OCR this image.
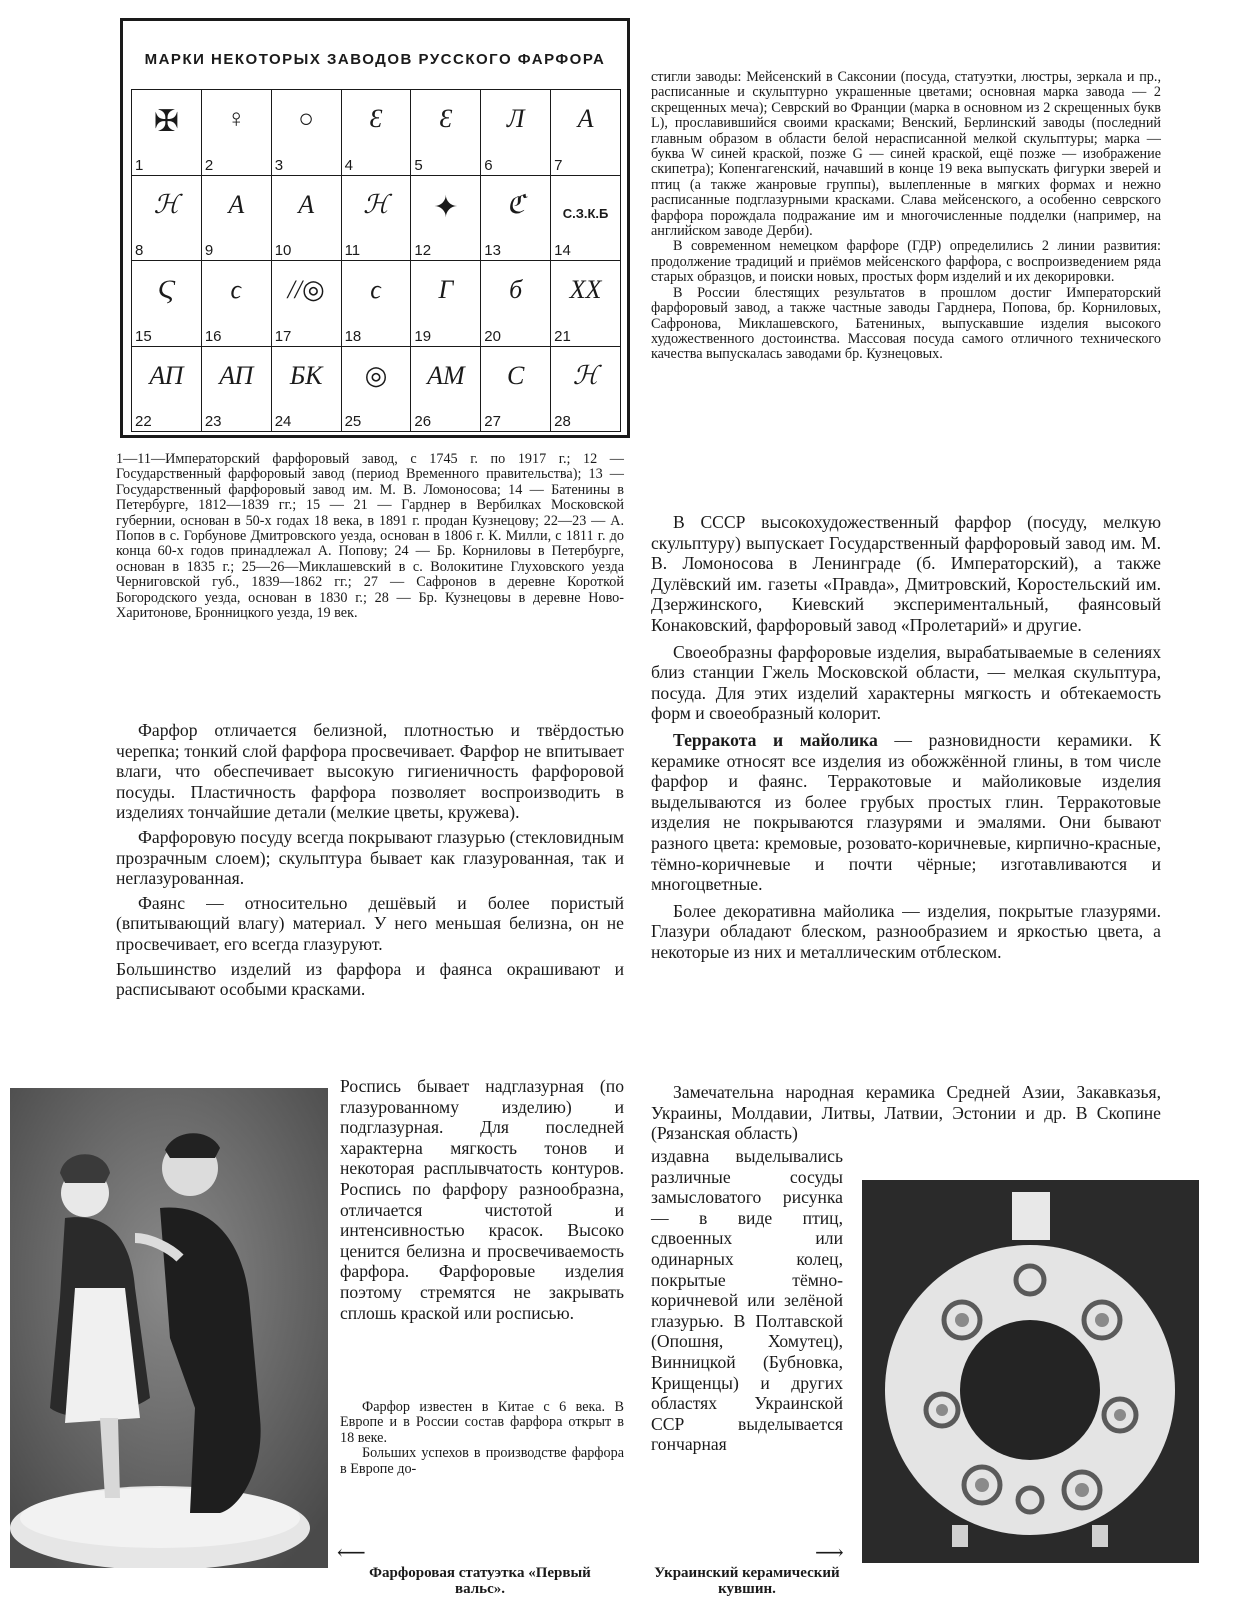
МАРКИ НЕКОТОРЫХ ЗАВОДОВ РУССКОГО ФАРФОРА
✠
1
♀
2
○
3
Ɛ
4
Ɛ
5
Л
6
A
7
ℋ
8
A
9
A
10
ℋ
11
✦
12
ℭ
13
С.З.К.Б
14
Ϛ
15
ϲ
16
//◎
17
ϲ
18
Г
19
б
20
XX
21
АП
22
АП
23
БК
24
◎
25
АМ
26
С
27
ℋ
28
1—11—Императорский фарфоровый завод, с 1745 г. по 1917 г.; 12 — Государственный фарфоровый завод (период Временного правительства); 13 — Государственный фарфоровый завод им. М. В. Ломоносова; 14 — Батенины в Петербурге, 1812—1839 гг.; 15 — 21 — Гарднер в Вербилках Московской губернии, основан в 50-х годах 18 века, в 1891 г. продан Кузнецову; 22—23 — А. Попов в с. Горбунове Дмитровского уезда, основан в 1806 г. К. Милли, с 1811 г. до конца 60-х годов принадлежал А. Попову; 24 — Бр. Корниловы в Петербурге, основан в 1835 г.; 25—26—Миклашевский в с. Волокитине Глуховского уезда Черниговской губ., 1839—1862 гг.; 27 — Сафронов в деревне Короткой Богородского уезда, основан в 1830 г.; 28 — Бр. Кузнецовы в деревне Ново-Харитонове, Бронницкого уезда, 19 век.

стигли заводы: Мейсенский в Саксонии (посуда, статуэтки, люстры, зеркала и пр., расписанные и скульптурно украшенные цветами; основная марка завода — 2 скрещенных меча); Севрский во Франции (марка в основном из 2 скрещенных букв L), прославившийся своими красками; Венский, Берлинский заводы (последний главным образом в области белой нерасписанной мелкой скульптуры; марка — буква W синей краской, позже G — синей краской, ещё позже — изображение скипетра); Копенгагенский, начавший в конце 19 века выпускать фигурки зверей и птиц (а также жанровые группы), вылепленные в мягких формах и нежно расписанные подглазурными красками. Слава мейсенского, а особенно севрского фарфора порождала подражание им и многочисленные подделки (например, на английском заводе Дерби).

В современном немецком фарфоре (ГДР) определились 2 линии развития: продолжение традиций и приёмов мейсенского фарфора, с воспроизведением ряда старых образцов, и поиски новых, простых форм изделий и их декорировки.

В России блестящих результатов в прошлом достиг Императорский фарфоровый завод, а также частные заводы Гарднера, Попова, бр. Корниловых, Сафронова, Миклашевского, Батениных, выпускавшие изделия высокого художественного достоинства. Массовая посуда самого отличного технического качества выпускалась заводами бр. Кузнецовых.

В СССР высокохудожественный фарфор (посуду, мелкую скульптуру) выпускает Государственный фарфоровый завод им. М. В. Ломоносова в Ленинграде (б. Императорский), а также Дулёвский им. газеты «Правда», Дмитровский, Коростельский им. Дзержинского, Киевский экспериментальный, фаянсовый Конаковский, фарфоровый завод «Пролетарий» и другие.

Своеобразны фарфоровые изделия, вырабатываемые в селениях близ станции Гжель Московской области, — мелкая скульптура, посуда. Для этих изделий характерны мягкость и обтекаемость форм и своеобразный колорит.

Терракота и майолика — разновидности керамики. К керамике относят все изделия из обожжённой глины, в том числе фарфор и фаянс. Терракотовые и майоликовые изделия выделываются из более грубых простых глин. Терракотовые изделия не покрываются глазурями и эмалями. Они бывают разного цвета: кремовые, розовато-коричневые, кирпично-красные, тёмно-коричневые и почти чёрные; изготавливаются и многоцветные.

Более декоративна майолика — изделия, покрытые глазурями. Глазури обладают блеском, разнообразием и яркостью цвета, а некоторые из них и металлическим отблеском.

Замечательна народная керамика Средней Азии, Закавказья, Украины, Молдавии, Литвы, Латвии, Эстонии и др. В Скопине (Рязанская область)
издавна выделывались различные сосуды замысловатого рисунка — в виде птиц, сдвоенных или одинарных колец, покрытые тёмно-коричневой или зелёной глазурью. В Полтавской (Опошня, Хомутец), Винницкой (Бубновка, Крищенцы) и других областях Украинской ССР выделывается гончарная

Фарфор отличается белизной, плотностью и твёрдостью черепка; тонкий слой фарфора просвечивает. Фарфор не впитывает влаги, что обеспечивает высокую гигиеничность фарфоровой посуды. Пластичность фарфора позволяет воспроизводить в изделиях тончайшие детали (мелкие цветы, кружева).

Фарфоровую посуду всегда покрывают глазурью (стекловидным прозрачным слоем); скульптура бывает как глазурованная, так и неглазурованная.

Фаянс — относительно дешёвый и более пористый (впитывающий влагу) материал. У него меньшая белизна, он не просвечивает, его всегда глазуруют.

Большинство изделий из фарфора и фаянса окрашивают и расписывают особыми красками.

Роспись бывает надглазурная (по глазурованному изделию) и подглазурная. Для последней характерна мягкость тонов и некоторая расплывчатость контуров. Роспись по фарфору разнообразна, отличается чистотой и интенсивностью красок. Высоко ценится белизна и просвечиваемость фарфора. Фарфоровые изделия поэтому стремятся не закрывать сплошь краской или росписью.

Фарфор известен в Китае с 6 века. В Европе и в России состав фарфора открыт в 18 веке.

Больших успехов в производстве фарфора в Европе до-

⟵	⟶
Фарфоровая статуэтка «Первый вальс».
Украинский керамический кувшин.
